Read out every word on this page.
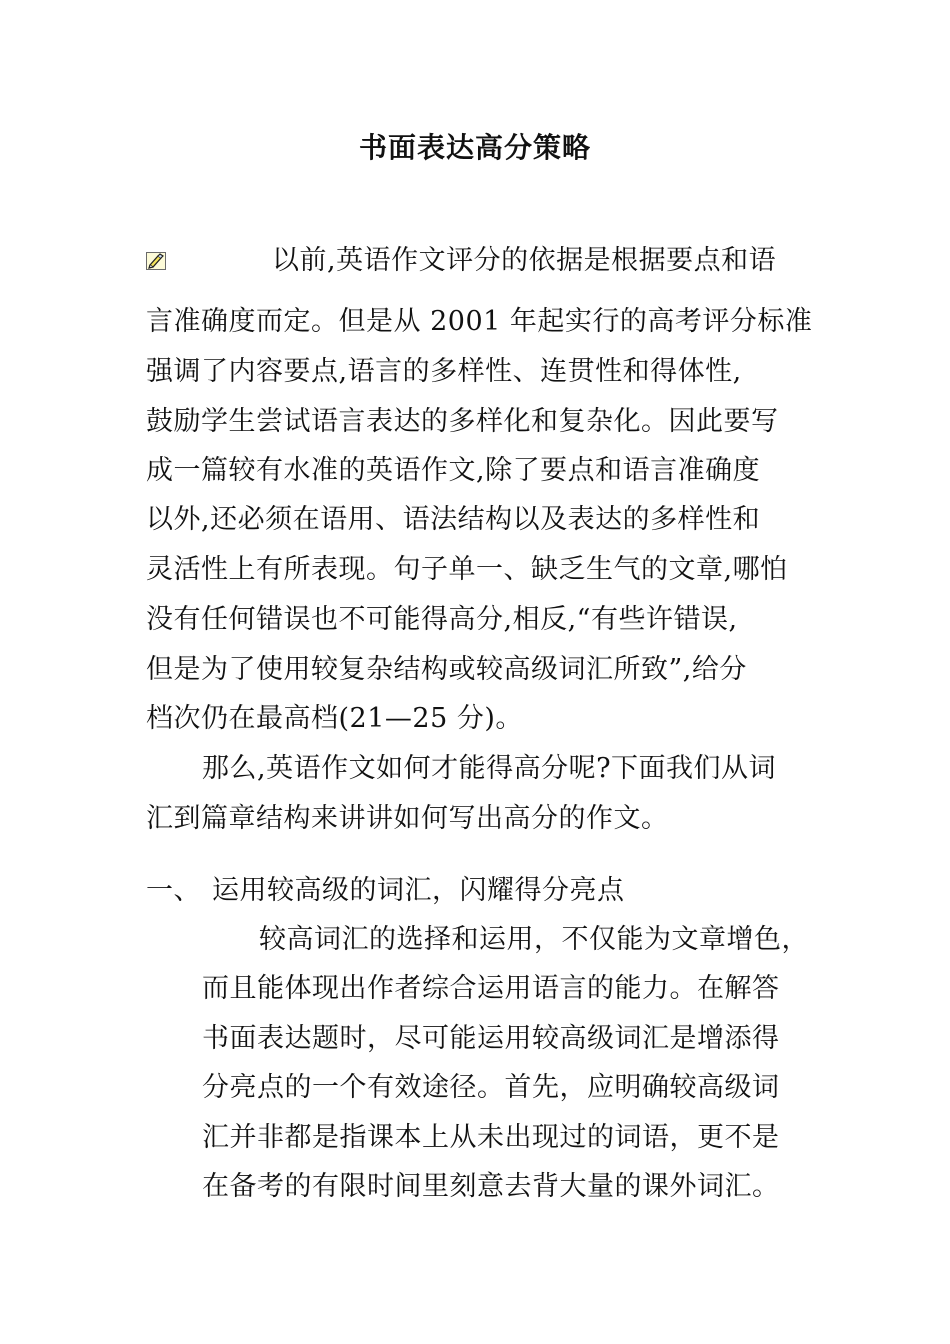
书面表达高分策略
以前,英语作文评分的依据是根据要点和语
言准确度而定。但是从 2001 年起实行的高考评分标准
强调了内容要点,语言的多样性、连贯性和得体性,
鼓励学生尝试语言表达的多样化和复杂化。因此要写
成一篇较有水准的英语作文,除了要点和语言准确度
以外,还必须在语用、语法结构以及表达的多样性和
灵活性上有所表现。句子单一、缺乏生气的文章,哪怕
没有任何错误也不可能得高分,相反,“有些许错误,
但是为了使用较复杂结构或较高级词汇所致”,给分
档次仍在最高档(21—25 分)。
那么,英语作文如何才能得高分呢?下面我们从词
汇到篇章结构来讲讲如何写出高分的作文。
一、 运用较高级的词汇，闪耀得分亮点
较高词汇的选择和运用，不仅能为文章增色，
而且能体现出作者综合运用语言的能力。在解答
书面表达题时，尽可能运用较高级词汇是增添得
分亮点的一个有效途径。首先，应明确较高级词
汇并非都是指课本上从未出现过的词语，更不是
在备考的有限时间里刻意去背大量的课外词汇。
